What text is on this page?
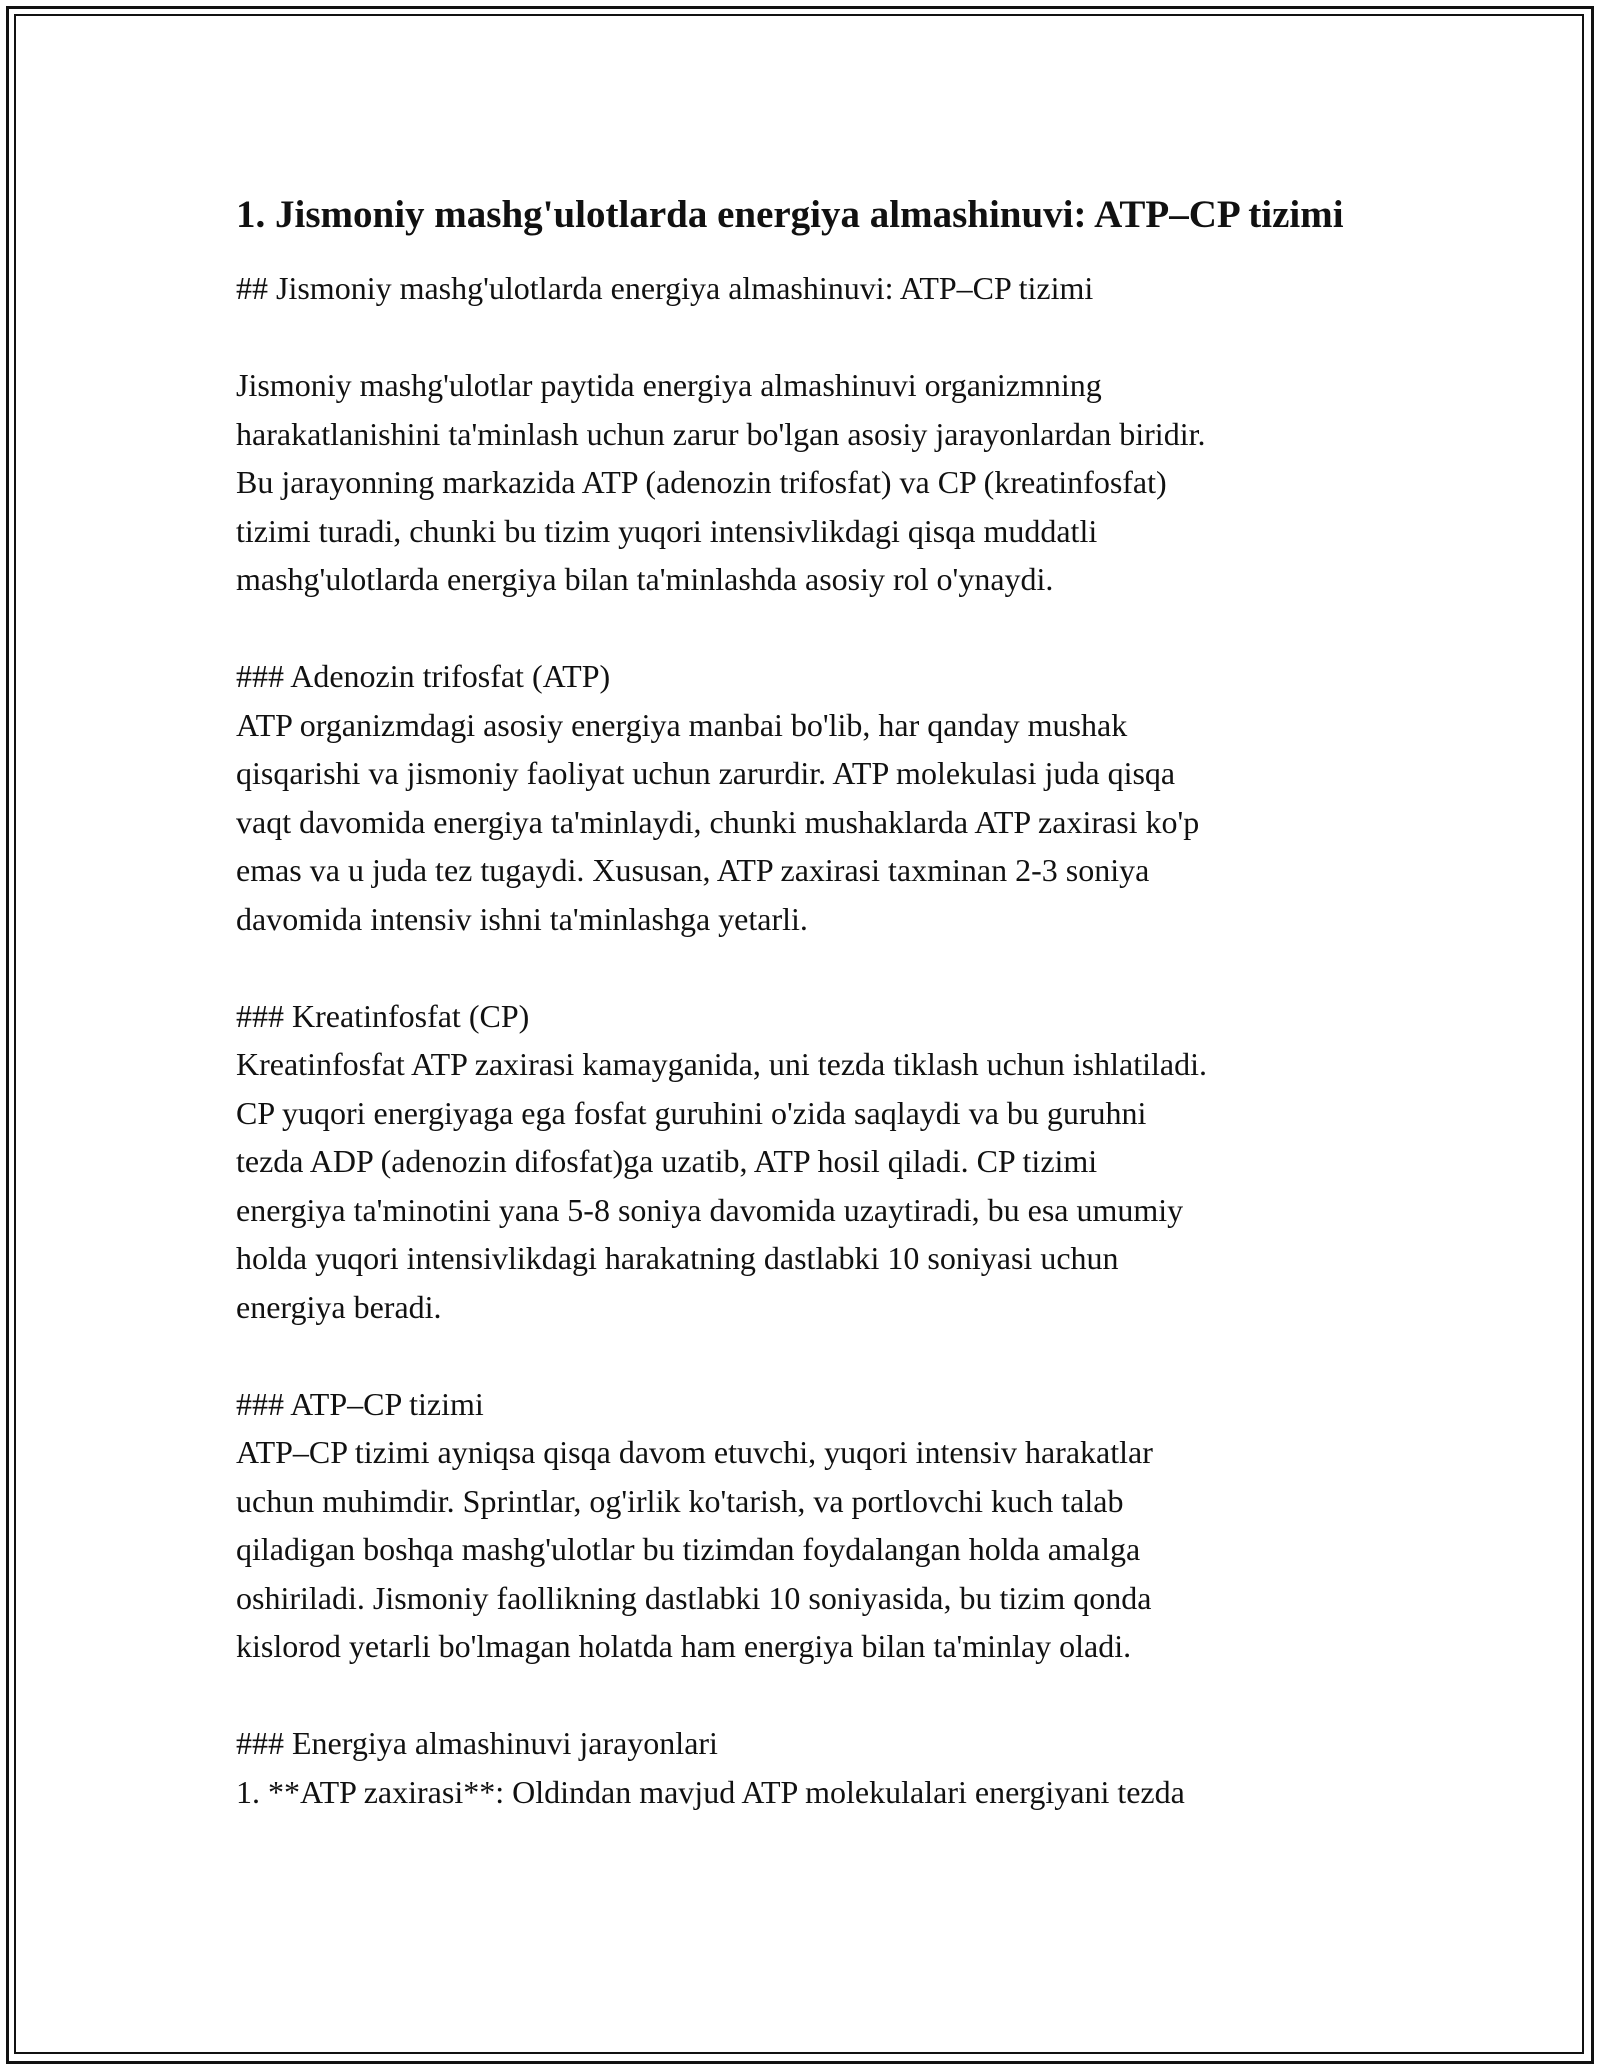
1. Jismoniy mashg'ulotlarda energiya almashinuvi: ATP–CP tizimi
## Jismoniy mashg'ulotlarda energiya almashinuvi: ATP–CP tizimi
Jismoniy mashg'ulotlar paytida energiya almashinuvi organizmning
harakatlanishini ta'minlash uchun zarur bo'lgan asosiy jarayonlardan biridir.
Bu jarayonning markazida ATP (adenozin trifosfat) va CP (kreatinfosfat)
tizimi turadi, chunki bu tizim yuqori intensivlikdagi qisqa muddatli
mashg'ulotlarda energiya bilan ta'minlashda asosiy rol o'ynaydi.
### Adenozin trifosfat (ATP)
ATP organizmdagi asosiy energiya manbai bo'lib, har qanday mushak
qisqarishi va jismoniy faoliyat uchun zarurdir. ATP molekulasi juda qisqa
vaqt davomida energiya ta'minlaydi, chunki mushaklarda ATP zaxirasi ko'p
emas va u juda tez tugaydi. Xususan, ATP zaxirasi taxminan 2-3 soniya
davomida intensiv ishni ta'minlashga yetarli.
### Kreatinfosfat (CP)
Kreatinfosfat ATP zaxirasi kamayganida, uni tezda tiklash uchun ishlatiladi.
CP yuqori energiyaga ega fosfat guruhini o'zida saqlaydi va bu guruhni
tezda ADP (adenozin difosfat)ga uzatib, ATP hosil qiladi. CP tizimi
energiya ta'minotini yana 5-8 soniya davomida uzaytiradi, bu esa umumiy
holda yuqori intensivlikdagi harakatning dastlabki 10 soniyasi uchun
energiya beradi.
### ATP–CP tizimi
ATP–CP tizimi ayniqsa qisqa davom etuvchi, yuqori intensiv harakatlar
uchun muhimdir. Sprintlar, og'irlik ko'tarish, va portlovchi kuch talab
qiladigan boshqa mashg'ulotlar bu tizimdan foydalangan holda amalga
oshiriladi. Jismoniy faollikning dastlabki 10 soniyasida, bu tizim qonda
kislorod yetarli bo'lmagan holatda ham energiya bilan ta'minlay oladi.
### Energiya almashinuvi jarayonlari
1. **ATP zaxirasi**: Oldindan mavjud ATP molekulalari energiyani tezda
